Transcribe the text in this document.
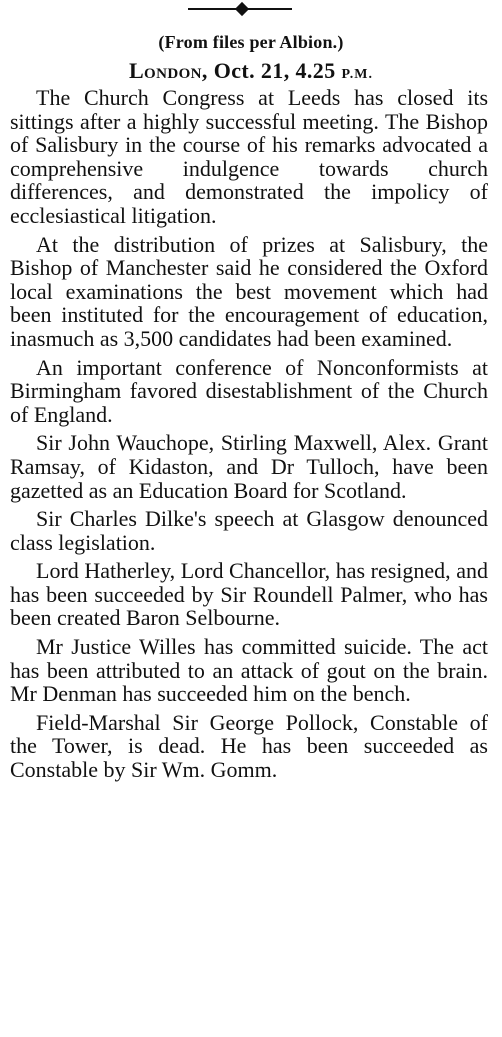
(From files per Albion.)
London, Oct. 21, 4.25 P.M.

The Church Congress at Leeds has closed its sittings after a highly successful meeting. The Bishop of Salisbury in the course of his remarks advocated a comprehensive indulgence towards church differences, and demonstrated the impolicy of ecclesiastical litigation.

At the distribution of prizes at Salisbury, the Bishop of Manchester said he considered the Oxford local examinations the best movement which had been instituted for the encouragement of education, inasmuch as 3,500 candidates had been examined.

An important conference of Nonconformists at Birmingham favored disestablishment of the Church of England.

Sir John Wauchope, Stirling Maxwell, Alex. Grant Ramsay, of Kidaston, and Dr Tulloch, have been gazetted as an Education Board for Scotland.

Sir Charles Dilke's speech at Glasgow denounced class legislation.

Lord Hatherley, Lord Chancellor, has resigned, and has been succeeded by Sir Roundell Palmer, who has been created Baron Selbourne.

Mr Justice Willes has committed suicide. The act has been attributed to an attack of gout on the brain. Mr Denman has succeeded him on the bench.

Field-Marshal Sir George Pollock, Constable of the Tower, is dead. He has been succeeded as Constable by Sir Wm. Gomm.
